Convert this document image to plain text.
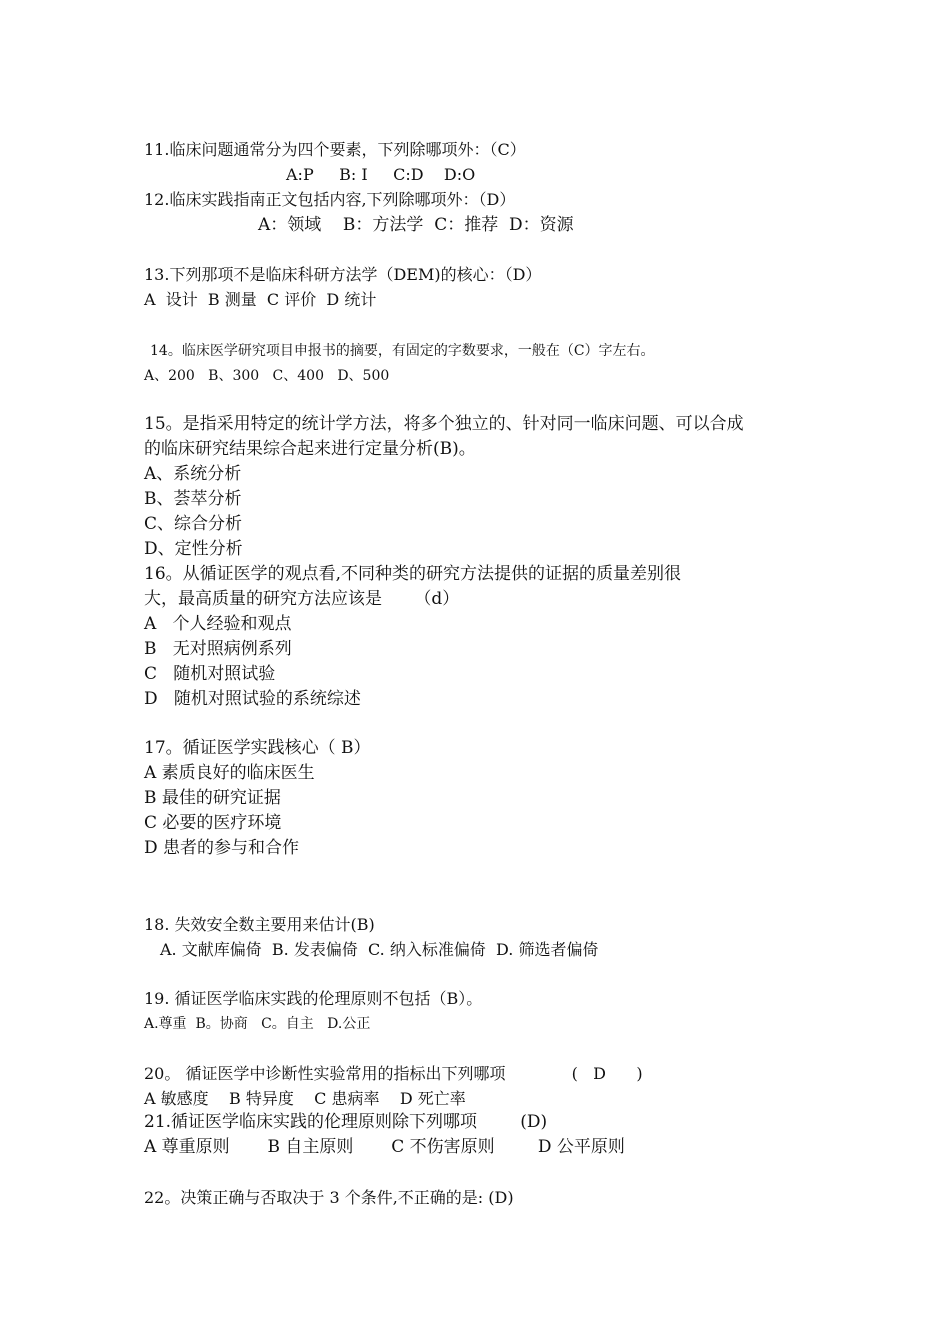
11.临床问题通常分为四个要素，下列除哪项外：（C）
A:P     B: I     C:D    D:O
12.临床实践指南正文包括内容,下列除哪项外：（D）
A：领域    B：方法学  C：推荐  D：资源
13.下列那项不是临床科研方法学（DEM)的核心：（D）
A  设计  B 测量  C 评价  D 统计
14。临床医学研究项目申报书的摘要，有固定的字数要求，一般在（C）字左右。
A、200   B、300   C、400   D、500
15。是指采用特定的统计学方法，将多个独立的、针对同一临床问题、可以合成
的临床研究结果综合起来进行定量分析(B)。
A、系统分析
B、荟萃分析
C、综合分析
D、定性分析
16。从循证医学的观点看,不同种类的研究方法提供的证据的质量差别很
大，最高质量的研究方法应该是      （d）
A   个人经验和观点
B   无对照病例系列
C   随机对照试验
D   随机对照试验的系统综述
17。循证医学实践核心（ B）
A 素质良好的临床医生
B 最佳的研究证据
C 必要的医疗环境
D 患者的参与和合作
18. 失效安全数主要用来估计(B)
A. 文献库偏倚  B. 发表偏倚  C. 纳入标准偏倚  D. 筛选者偏倚
19. 循证医学临床实践的伦理原则不包括（B）。
A.尊重  B。协商   C。自主   D.公正
20。 循证医学中诊断性实验常用的指标出下列哪项             (   D      )
A 敏感度    B 特异度    C 患病率    D 死亡率
21.循证医学临床实践的伦理原则除下列哪项        (D)
A 尊重原则       B 自主原则       C 不伤害原则        D 公平原则
22。决策正确与否取决于 3 个条件,不正确的是: (D)
